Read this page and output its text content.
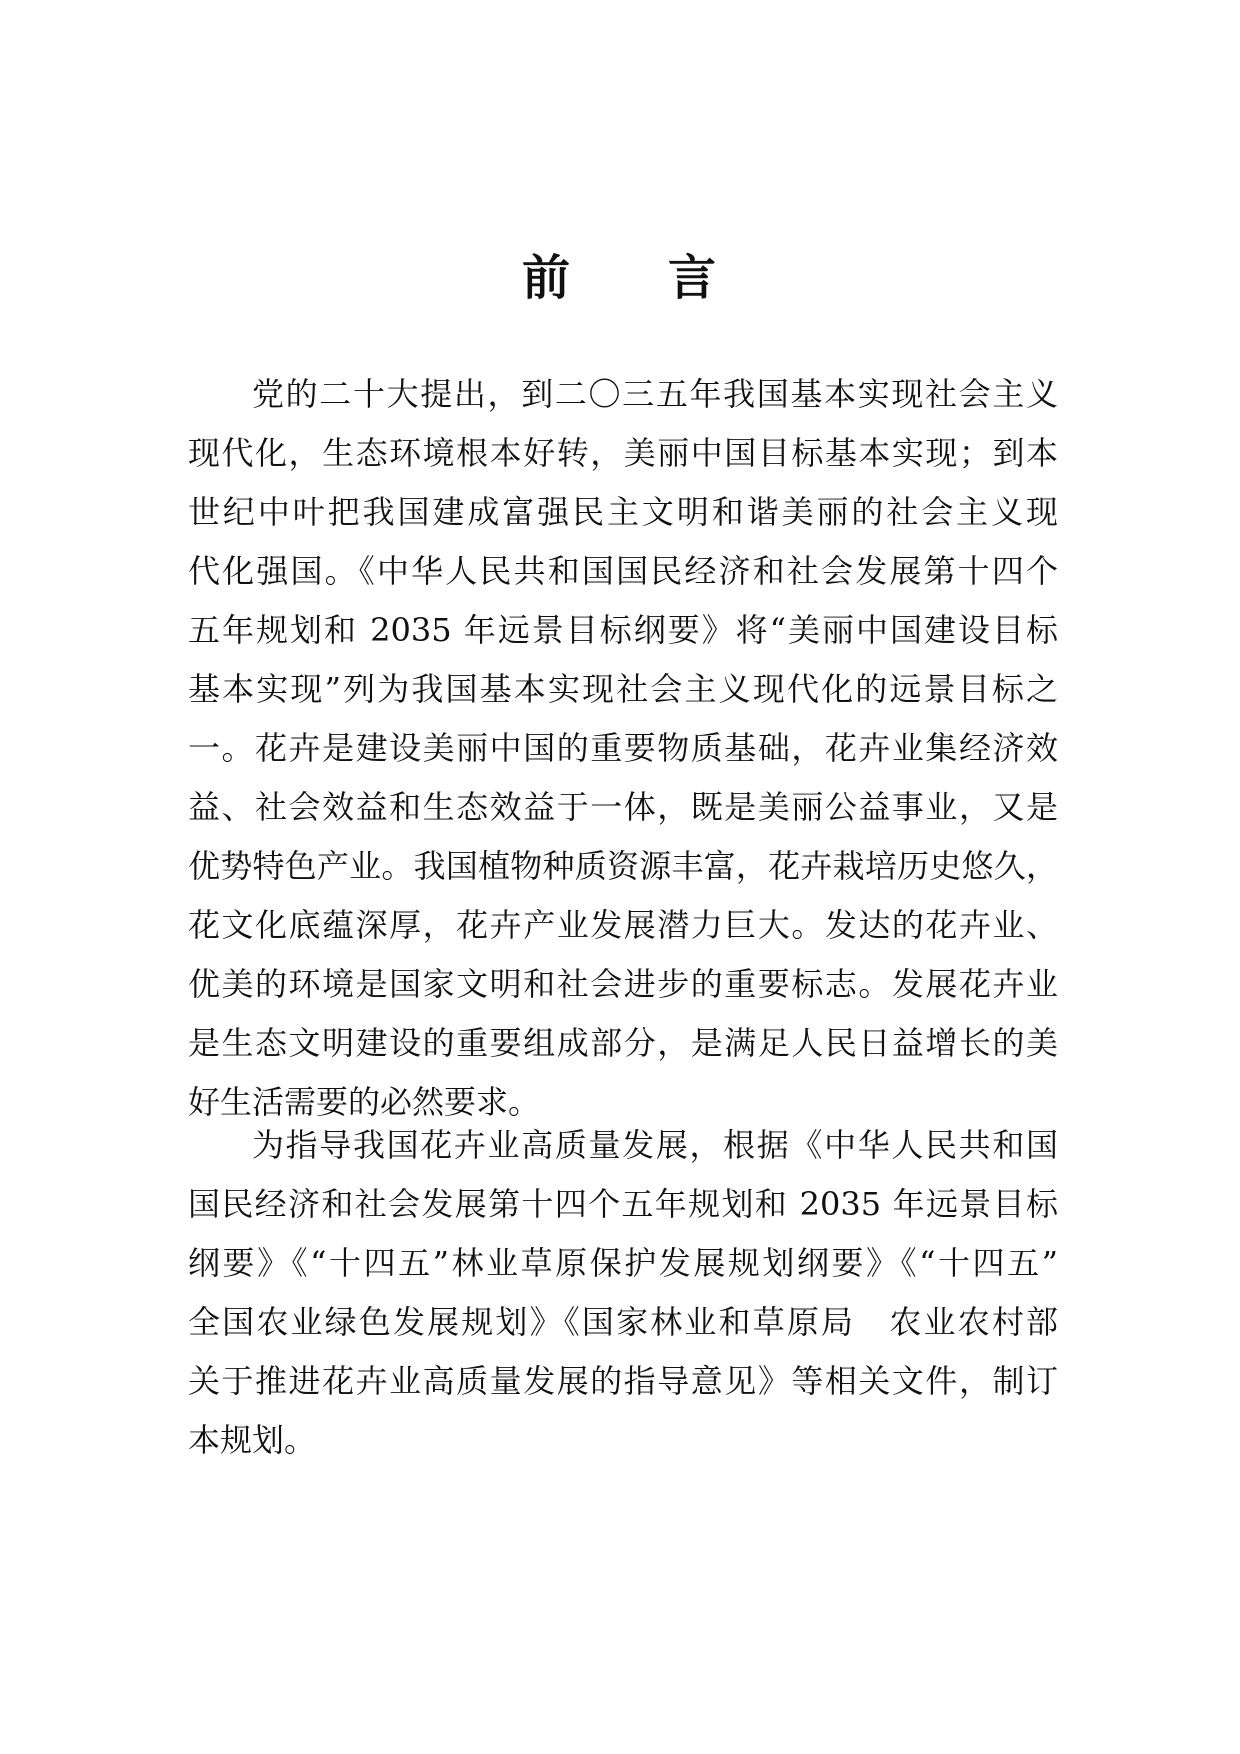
前 言
党的二十大提出，到二〇三五年我国基本实现社会主义
现代化，生态环境根本好转，美丽中国目标基本实现；到本
世纪中叶把我国建成富强民主文明和谐美丽的社会主义现
代化强国。《中华人民共和国国民经济和社会发展第十四个
五年规划和 2035 年远景目标纲要》将“美丽中国建设目标
基本实现”列为我国基本实现社会主义现代化的远景目标之
一。花卉是建设美丽中国的重要物质基础，花卉业集经济效
益、社会效益和生态效益于一体，既是美丽公益事业，又是
优势特色产业。我国植物种质资源丰富，花卉栽培历史悠久，
花文化底蕴深厚，花卉产业发展潜力巨大。发达的花卉业、
优美的环境是国家文明和社会进步的重要标志。发展花卉业
是生态文明建设的重要组成部分，是满足人民日益增长的美
好生活需要的必然要求。
为指导我国花卉业高质量发展，根据《中华人民共和国
国民经济和社会发展第十四个五年规划和 2035 年远景目标
纲要》《“十四五”林业草原保护发展规划纲要》《“十四五”
全国农业绿色发展规划》《国家林业和草原局　农业农村部
关于推进花卉业高质量发展的指导意见》等相关文件，制订
本规划。
